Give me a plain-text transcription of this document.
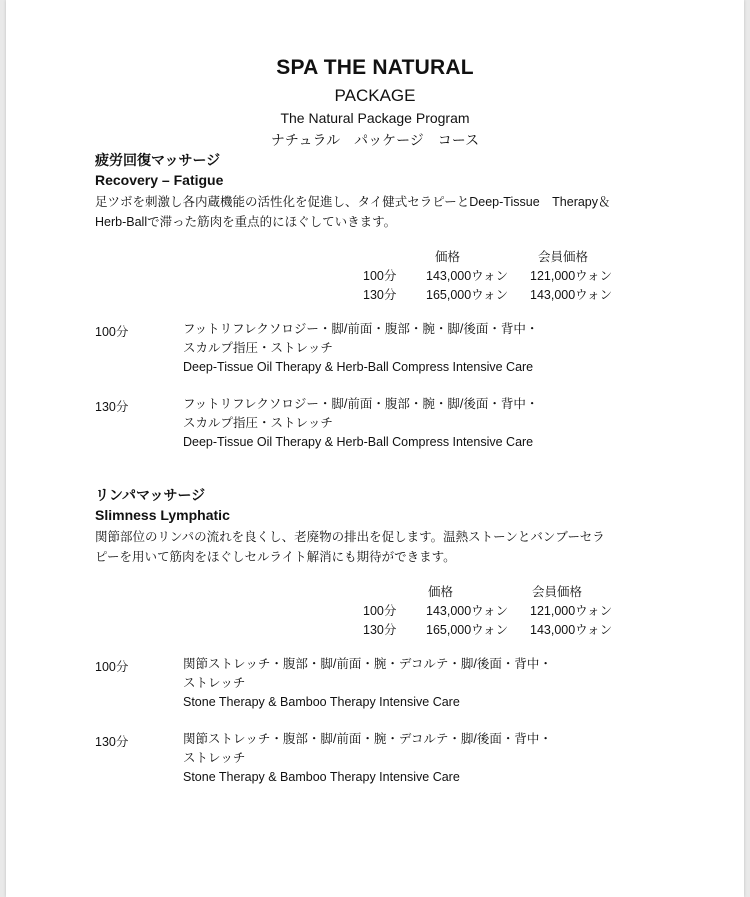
SPA THE NATURAL
PACKAGE
The Natural Package Program
ナチュラル　パッケージ　コース
疲労回復マッサージ
Recovery – Fatigue
足ツボを刺激し各内蔵機能の活性化を促進し、タイ健式セラピーとDeep-Tissue　Therapy＆
Herb-Ballで滞った筋肉を重点的にほぐしていきます。
価格	会員価格
100分 143,000ウォン 121,000ウォン
130分 165,000ウォン 143,000ウォン
100分	フットリフレクソロジー・脚/前面・腹部・腕・脚/後面・背中・
スカルプ指圧・ストレッチ
Deep-Tissue Oil Therapy & Herb-Ball Compress Intensive Care
130分	フットリフレクソロジー・脚/前面・腹部・腕・脚/後面・背中・
スカルプ指圧・ストレッチ
Deep-Tissue Oil Therapy & Herb-Ball Compress Intensive Care
リンパマッサージ
Slimness Lymphatic
関節部位のリンパの流れを良くし、老廃物の排出を促します。温熱ストーンとバンブーセラ
ピーを用いて筋肉をほぐしセルライト解消にも期待ができます。
価格	会員価格
100分 143,000ウォン 121,000ウォン
130分 165,000ウォン 143,000ウォン
100分	関節ストレッチ・腹部・脚/前面・腕・デコルテ・脚/後面・背中・
ストレッチ
Stone Therapy & Bamboo Therapy Intensive Care
130分	関節ストレッチ・腹部・脚/前面・腕・デコルテ・脚/後面・背中・
ストレッチ
Stone Therapy & Bamboo Therapy Intensive Care
